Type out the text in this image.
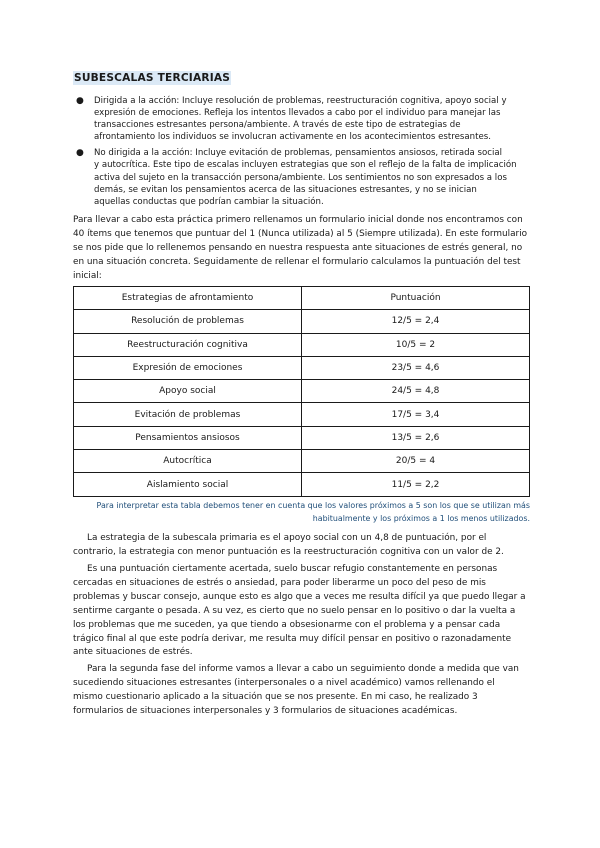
SUBESCALAS TERCIARIAS
● Dirigida a la acción: Incluye resolución de problemas, reestructuración cognitiva, apoyo social y
expresión de emociones. Refleja los intentos llevados a cabo por el individuo para manejar las
transacciones estresantes persona/ambiente. A través de este tipo de estrategias de
afrontamiento los individuos se involucran activamente en los acontecimientos estresantes.
● No dirigida a la acción: Incluye evitación de problemas, pensamientos ansiosos, retirada social
y autocrítica. Este tipo de escalas incluyen estrategias que son el reflejo de la falta de implicación
activa del sujeto en la transacción persona/ambiente. Los sentimientos no son expresados a los
demás, se evitan los pensamientos acerca de las situaciones estresantes, y no se inician
aquellas conductas que podrían cambiar la situación.
Para llevar a cabo esta práctica primero rellenamos un formulario inicial donde nos encontramos con
40 ítems que tenemos que puntuar del 1 (Nunca utilizada) al 5 (Siempre utilizada). En este formulario
se nos pide que lo rellenemos pensando en nuestra respuesta ante situaciones de estrés general, no
en una situación concreta. Seguidamente de rellenar el formulario calculamos la puntuación del test
inicial:
Estrategias de afrontamiento	Puntuación
Resolución de problemas	12/5 = 2,4
Reestructuración cognitiva	10/5 = 2
Expresión de emociones	23/5 = 4,6
Apoyo social	24/5 = 4,8
Evitación de problemas	17/5 = 3,4
Pensamientos ansiosos	13/5 = 2,6
Autocrítica	20/5 = 4
Aislamiento social	11/5 = 2,2
Para interpretar esta tabla debemos tener en cuenta que los valores próximos a 5 son los que se utilizan más
habitualmente y los próximos a 1 los menos utilizados.
La estrategia de la subescala primaria es el apoyo social con un 4,8 de puntuación, por el
contrario, la estrategia con menor puntuación es la reestructuración cognitiva con un valor de 2.
Es una puntuación ciertamente acertada, suelo buscar refugio constantemente en personas
cercadas en situaciones de estrés o ansiedad, para poder liberarme un poco del peso de mis
problemas y buscar consejo, aunque esto es algo que a veces me resulta difícil ya que puedo llegar a
sentirme cargante o pesada. A su vez, es cierto que no suelo pensar en lo positivo o dar la vuelta a
los problemas que me suceden, ya que tiendo a obsesionarme con el problema y a pensar cada
trágico final al que este podría derivar, me resulta muy difícil pensar en positivo o razonadamente
ante situaciones de estrés.
Para la segunda fase del informe vamos a llevar a cabo un seguimiento donde a medida que van
sucediendo situaciones estresantes (interpersonales o a nivel académico) vamos rellenando el
mismo cuestionario aplicado a la situación que se nos presente. En mi caso, he realizado 3
formularios de situaciones interpersonales y 3 formularios de situaciones académicas.
